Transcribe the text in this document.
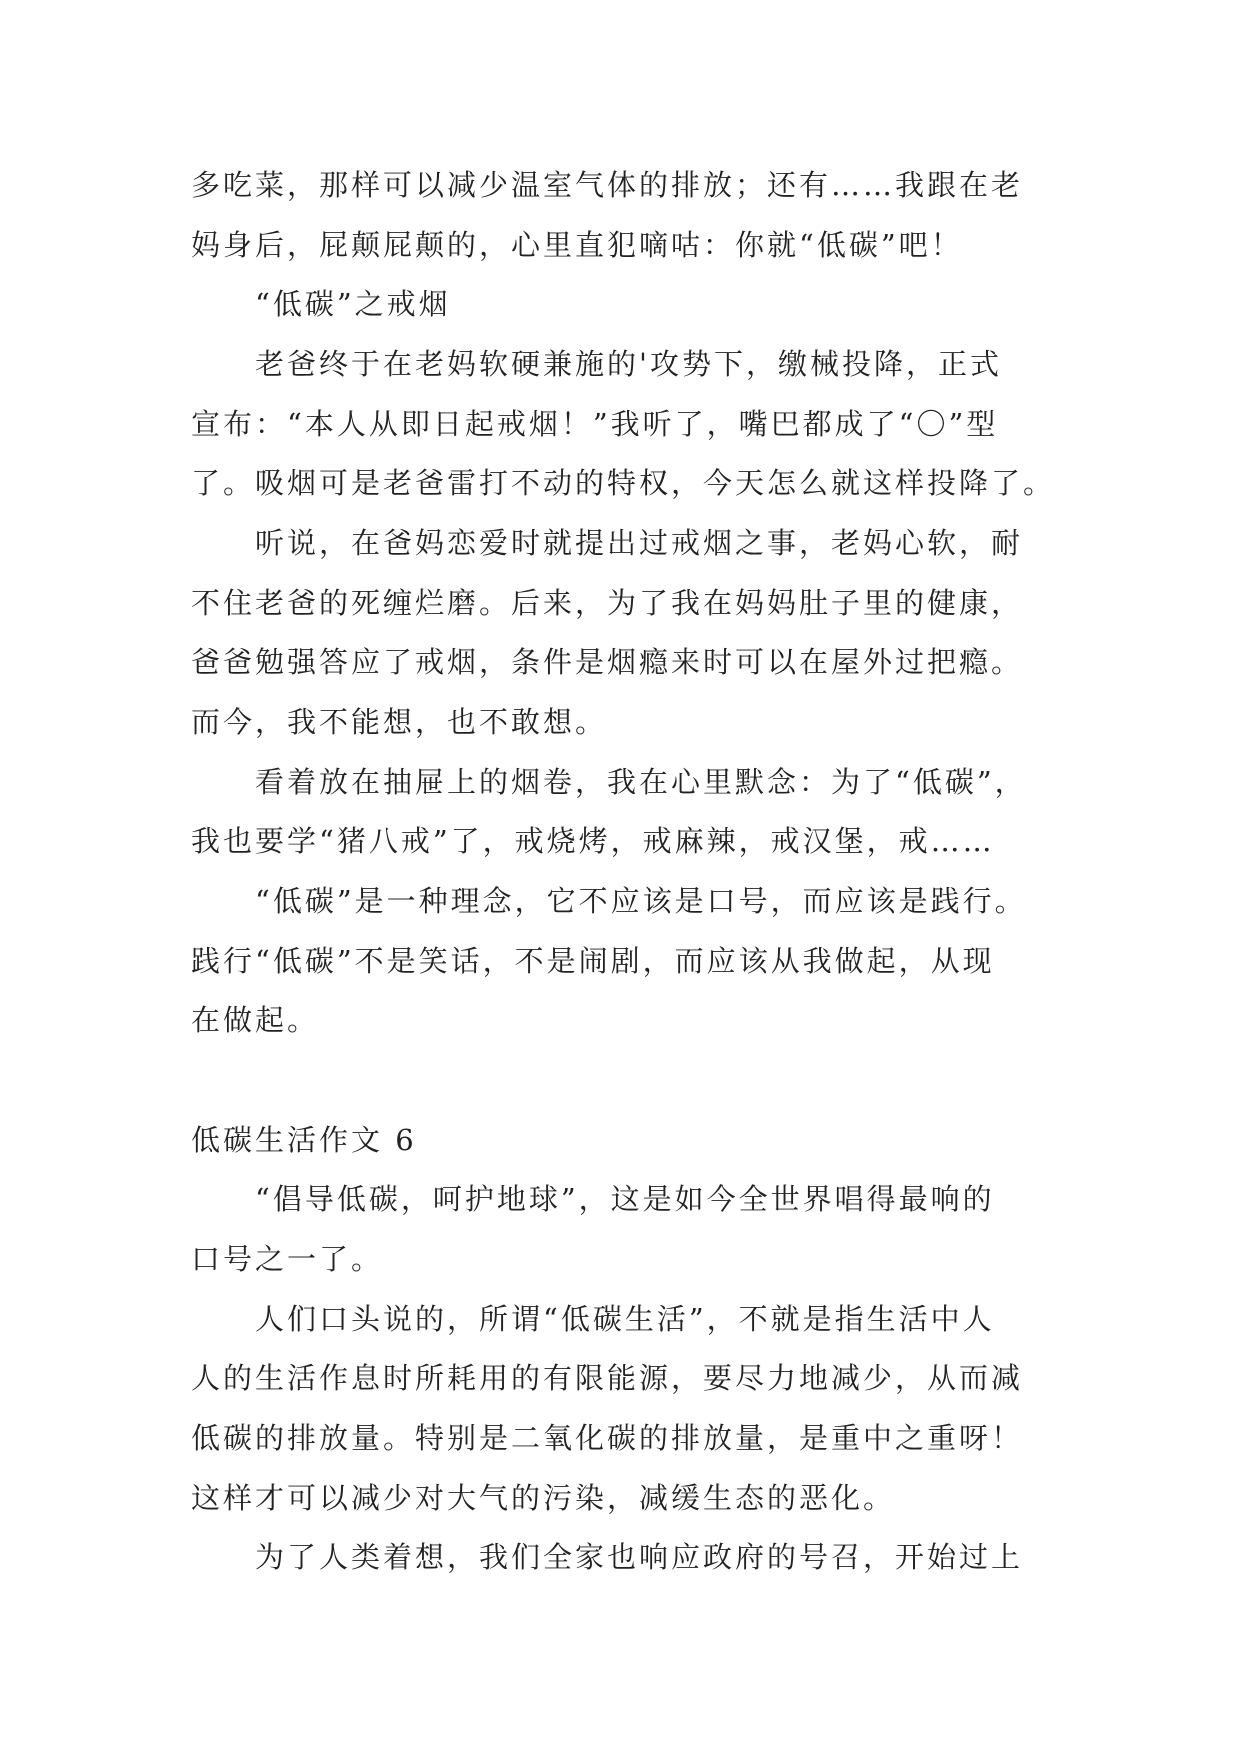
多吃菜，那样可以减少温室气体的排放；还有……我跟在老
妈身后，屁颠屁颠的，心里直犯嘀咕：你就“低碳”吧！
“低碳”之戒烟
老爸终于在老妈软硬兼施的'攻势下，缴械投降，正式
宣布：“本人从即日起戒烟！”我听了，嘴巴都成了“〇”型
了。吸烟可是老爸雷打不动的特权，今天怎么就这样投降了。
听说，在爸妈恋爱时就提出过戒烟之事，老妈心软，耐
不住老爸的死缠烂磨。后来，为了我在妈妈肚子里的健康，
爸爸勉强答应了戒烟，条件是烟瘾来时可以在屋外过把瘾。
而今，我不能想，也不敢想。
看着放在抽屉上的烟卷，我在心里默念：为了“低碳”，
我也要学“猪八戒”了，戒烧烤，戒麻辣，戒汉堡，戒……
“低碳”是一种理念，它不应该是口号，而应该是践行。
践行“低碳”不是笑话，不是闹剧，而应该从我做起，从现
在做起。
低碳生活作文 6
“倡导低碳，呵护地球”，这是如今全世界唱得最响的
口号之一了。
人们口头说的，所谓“低碳生活”，不就是指生活中人
人的生活作息时所耗用的有限能源，要尽力地减少，从而减
低碳的排放量。特别是二氧化碳的排放量，是重中之重呀！
这样才可以减少对大气的污染，减缓生态的恶化。
为了人类着想，我们全家也响应政府的号召，开始过上
